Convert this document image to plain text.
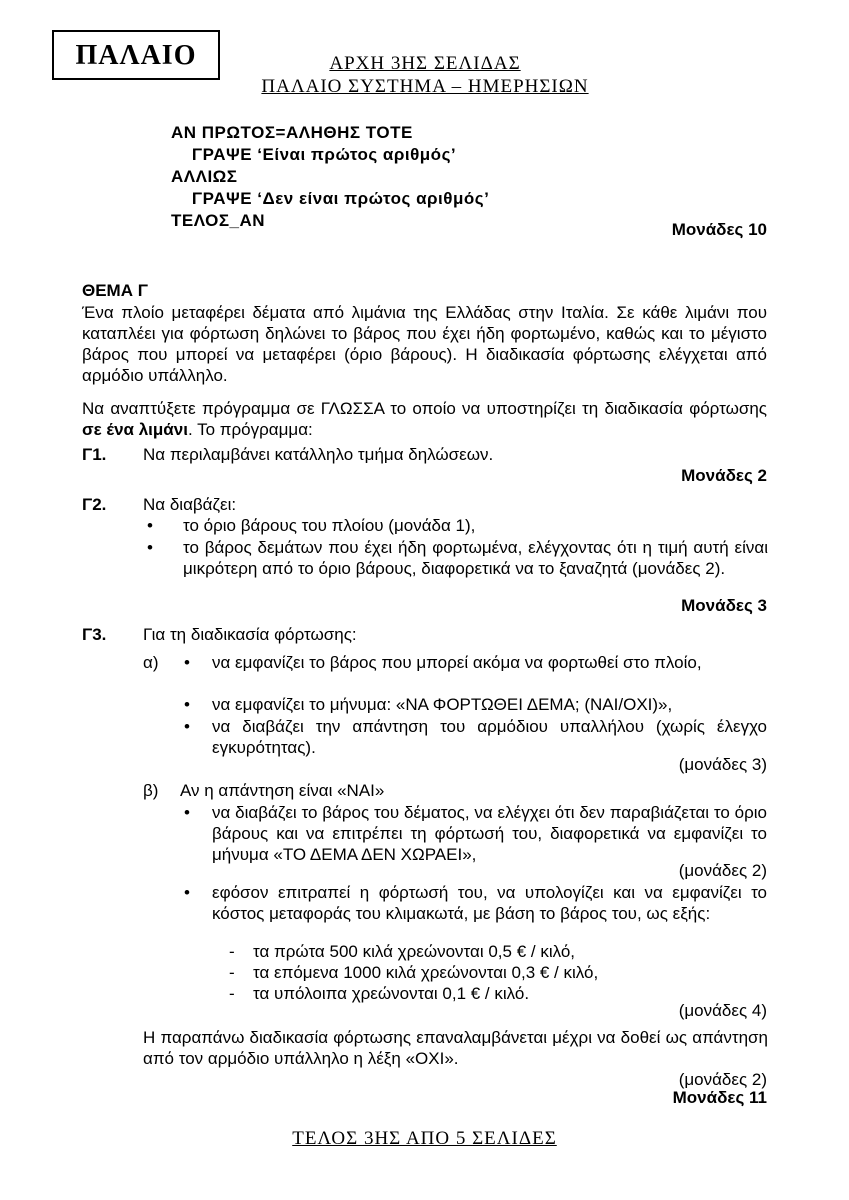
ΠΑΛΑΙΟ	ΑΡΧΗ 3ΗΣ ΣΕΛΙΔΑΣ
ΠΑΛΑΙΟ ΣΥΣΤΗΜΑ – ΗΜΕΡΗΣΙΩΝ
ΑΝ ΠΡΩΤΟΣ=ΑΛΗΘΗΣ ΤΟΤΕ
ΓΡΑΨΕ ‘Είναι πρώτος αριθμός’
ΑΛΛΙΩΣ
ΓΡΑΨΕ ‘Δεν είναι πρώτος αριθμός’
ΤΕΛΟΣ_ΑΝ	Μονάδες 10
ΘΕΜΑ Γ
Ένα πλοίο μεταφέρει δέματα από λιμάνια της Ελλάδας στην Ιταλία. Σε κάθε λιμάνι που καταπλέει για φόρτωση δηλώνει το βάρος που έχει ήδη φορτωμένο, καθώς και το μέγιστο βάρος που μπορεί να μεταφέρει (όριο βάρους). Η διαδικασία φόρτωσης ελέγχεται από αρμόδιο υπάλληλο.
Να αναπτύξετε πρόγραμμα σε ΓΛΩΣΣΑ το οποίο να υποστηρίζει τη διαδικασία φόρτωσης σε ένα λιμάνι. Το πρόγραμμα:
Γ1. Να περιλαμβάνει κατάλληλο τμήμα δηλώσεων.
Μονάδες 2
Γ2. Να διαβάζει:
• το όριο βάρους του πλοίου (μονάδα 1),
• το βάρος δεμάτων που έχει ήδη φορτωμένα, ελέγχοντας ότι η τιμή αυτή είναι μικρότερη από το όριο βάρους, διαφορετικά να το ξαναζητά (μονάδες 2).
Μονάδες 3
Γ3. Για τη διαδικασία φόρτωσης:
α) • να εμφανίζει το βάρος που μπορεί ακόμα να φορτωθεί στο πλοίο,
• να εμφανίζει το μήνυμα: «ΝΑ ΦΟΡΤΩΘΕΙ ΔΕΜΑ; (ΝΑΙ/ΟΧΙ)»,
• να διαβάζει την απάντηση του αρμόδιου υπαλλήλου (χωρίς έλεγχο εγκυρότητας).
(μονάδες 3)
β) Αν η απάντηση είναι «ΝΑΙ»
• να διαβάζει το βάρος του δέματος, να ελέγχει ότι δεν παραβιάζεται το όριο βάρους και να επιτρέπει τη φόρτωσή του, διαφορετικά να εμφανίζει το μήνυμα «ΤΟ ΔΕΜΑ ΔΕΝ ΧΩΡΑΕΙ»,
(μονάδες 2)
• εφόσον επιτραπεί η φόρτωσή του, να υπολογίζει και να εμφανίζει το κόστος μεταφοράς του κλιμακωτά, με βάση το βάρος του, ως εξής:
- τα πρώτα 500 κιλά χρεώνονται 0,5 € / κιλό,
- τα επόμενα 1000 κιλά χρεώνονται 0,3 € / κιλό,
- τα υπόλοιπα χρεώνονται 0,1 € / κιλό.
(μονάδες 4)
Η παραπάνω διαδικασία φόρτωσης επαναλαμβάνεται μέχρι να δοθεί ως απάντηση από τον αρμόδιο υπάλληλο η λέξη «ΟΧΙ».
(μονάδες 2)
Μονάδες 11
ΤΕΛΟΣ 3ΗΣ ΑΠΟ 5 ΣΕΛΙΔΕΣ
